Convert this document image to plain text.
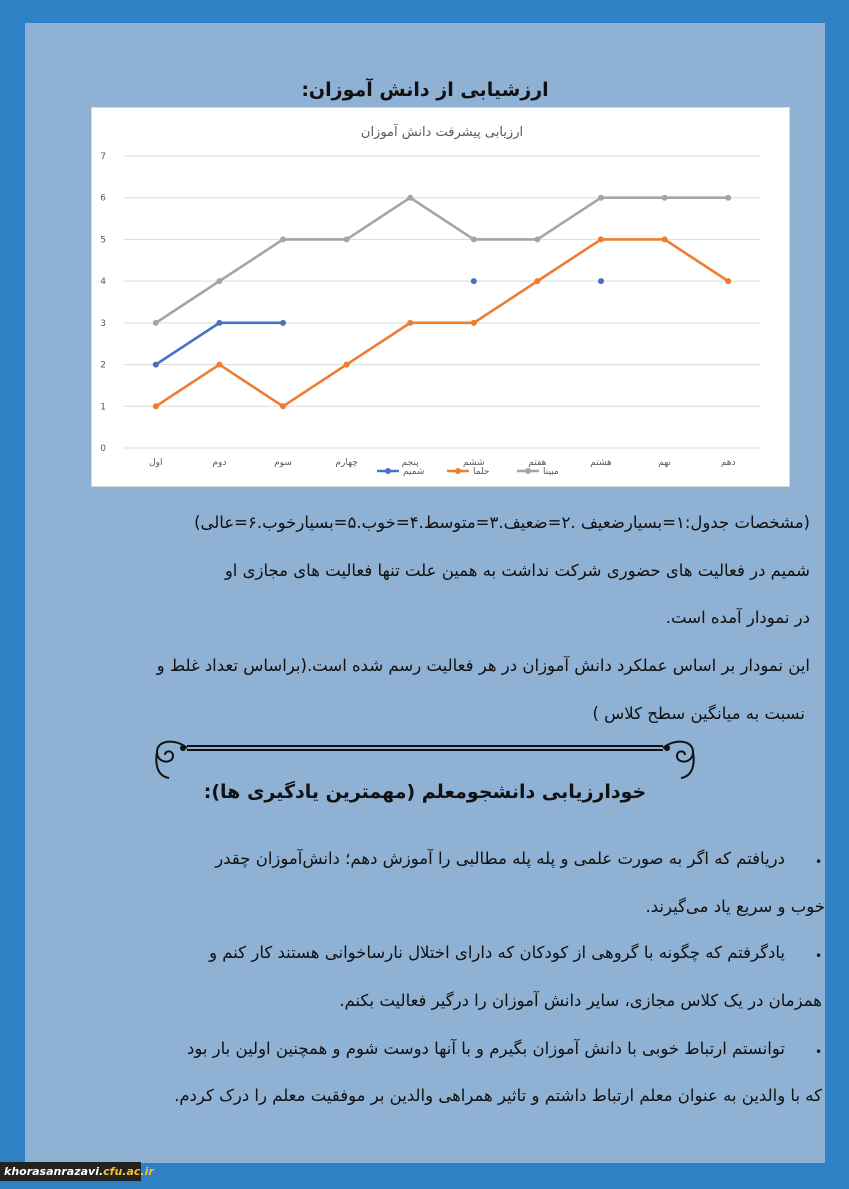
ارزشیابی از دانش آموزان:
ارزیابی پیشرفت دانش آموزان
0
1
2
3
4
5
6
7
اول	دوم	سوم	چهارم	پنجم	ششم	هفتم	هشتم	نهم	دهم
شمیم	حلما	مبینا
(مشخصات جدول:۱=بسیارضعیف .۲=ضعیف.۳=متوسط.۴=خوب.۵=بسیارخوب.۶=عالی)
شمیم در فعالیت های حضوری شرکت نداشت به همین علت تنها فعالیت های مجازی او
در نمودار آمده است.
این نمودار بر اساس عملکرد دانش آموزان در هر فعالیت رسم شده است.(براساس تعداد غلط و
نسبت به میانگین سطح کلاس )
خودارزیابی دانشجومعلم (مهمترین یادگیری ها):
•
دریافتم که اگر به صورت علمی و پله پله مطالبی را آموزش دهم؛ دانش‌آموزان چقدر
خوب و سریع یاد می‌گیرند.
•
یادگرفتم که چگونه با گروهی از کودکان که دارای اختلال نارساخوانی هستند کار کنم و
همزمان در یک کلاس مجازی، سایر دانش آموزان را درگیر فعالیت بکنم.
•
توانستم ارتباط خوبی با دانش آموزان بگیرم و با آنها دوست شوم و همچنین اولین بار بود
که با والدین به عنوان معلم ارتباط داشتم و تاثیر همراهی والدین بر موفقیت معلم را درک کردم.
khorasanrazavi.cfu.ac.ir
